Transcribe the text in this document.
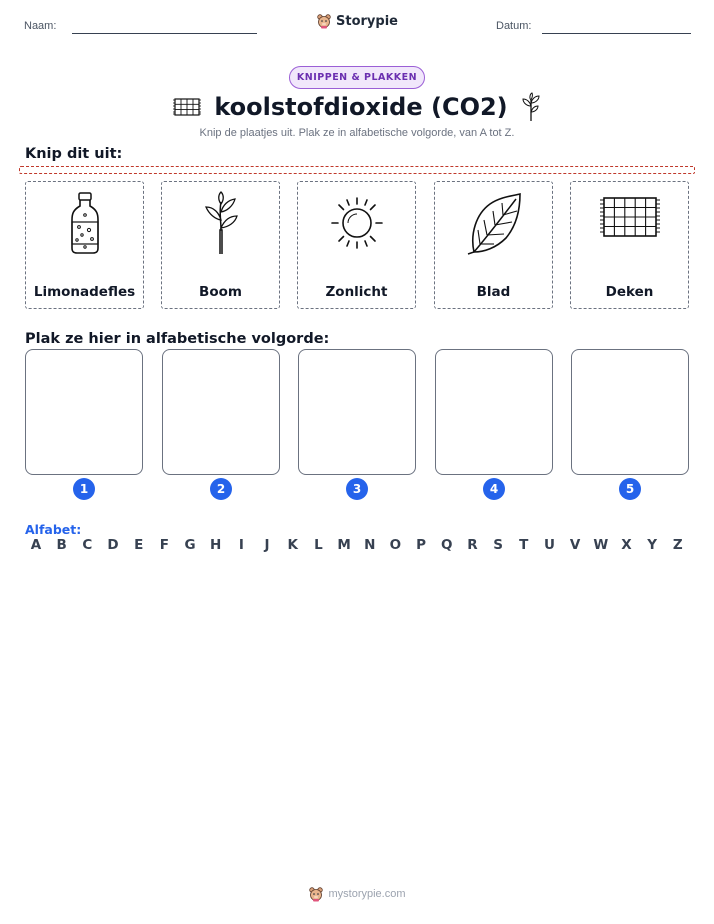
Naam:	Storypie	Datum:
KNIPPEN & PLAKKEN
koolstofdioxide (CO2)
Knip de plaatjes uit. Plak ze in alfabetische volgorde, van A tot Z.
Knip dit uit:
Limonadefles	Boom	Zonlicht	Blad	Deken
Plak ze hier in alfabetische volgorde:
1	2	3	4	5
Alfabet:
A B C D	E	F	G H	I	J	K	L	M N O P Q R	S	T	U V W X	Y	Z
mystorypie.com
